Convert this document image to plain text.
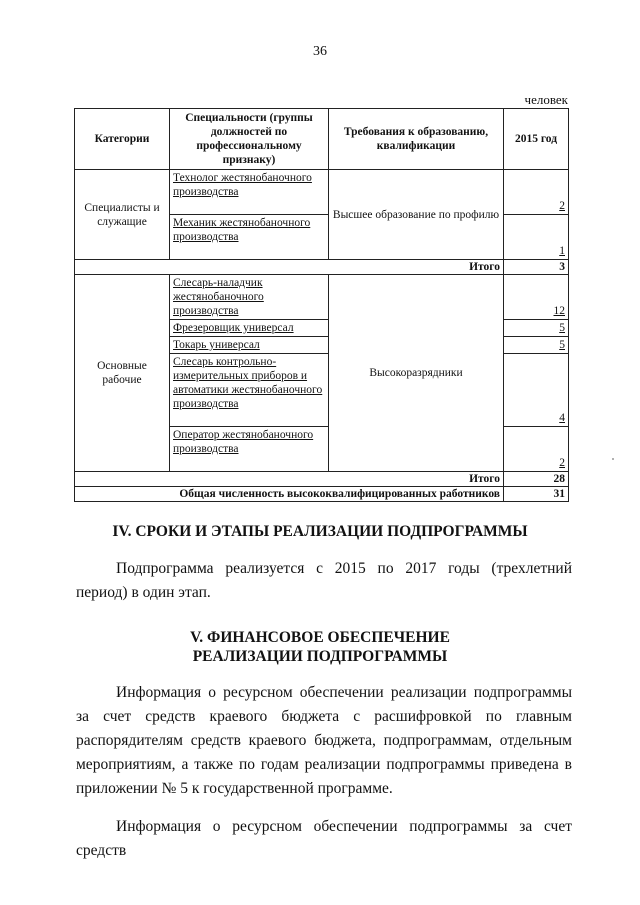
36
человек
Категории	Специальности (группы должностей по профессиональному признаку)	Требования к образованию, квалификации	2015 год
Специалисты и служащие	Технолог жестянобаночного производства	Высшее образование по профилю	2
	Механик жестянобаночного производства		1
Итого			3
Основные рабочие	Слесарь-наладчик жестянобаночного производства	Высокоразрядники	12
	Фрезеровщик универсал		5
	Токарь универсал		5
	Слесарь контрольно-измерительных приборов и автоматики жестянобаночного производства		4
	Оператор жестянобаночного производства		2
Итого			28
Общая численность высококвалифицированных работников			31
IV. СРОКИ И ЭТАПЫ РЕАЛИЗАЦИИ ПОДПРОГРАММЫ
Подпрограмма реализуется с 2015 по 2017 годы (трехлетний период) в один этап.
V. ФИНАНСОВОЕ ОБЕСПЕЧЕНИЕ
РЕАЛИЗАЦИИ ПОДПРОГРАММЫ
Информация о ресурсном обеспечении реализации подпрограммы за счет средств краевого бюджета с расшифровкой по главным распорядителям средств краевого бюджета, подпрограммам, отдельным мероприятиям, а также по годам реализации подпрограммы приведена в приложении № 5 к государственной программе.
Информация о ресурсном обеспечении подпрограммы за счет средств
